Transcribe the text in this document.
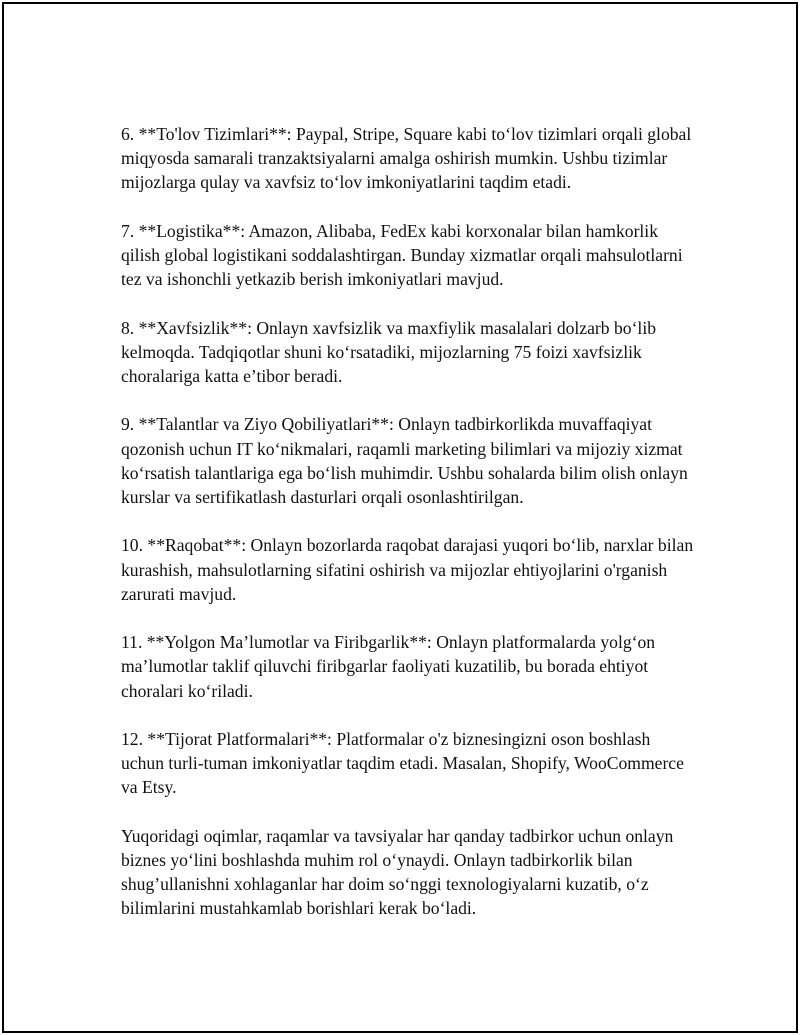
6. **To'lov Tizimlari**: Paypal, Stripe, Square kabi to‘lov tizimlari orqali global miqyosda samarali tranzaktsiyalarni amalga oshirish mumkin. Ushbu tizimlar mijozlarga qulay va xavfsiz to‘lov imkoniyatlarini taqdim etadi.

7. **Logistika**: Amazon, Alibaba, FedEx kabi korxonalar bilan hamkorlik qilish global logistikani soddalashtirgan. Bunday xizmatlar orqali mahsulotlarni tez va ishonchli yetkazib berish imkoniyatlari mavjud.

8. **Xavfsizlik**: Onlayn xavfsizlik va maxfiylik masalalari dolzarb bo‘lib kelmoqda. Tadqiqotlar shuni ko‘rsatadiki, mijozlarning 75 foizi xavfsizlik choralariga katta e’tibor beradi.

9. **Talantlar va Ziyo Qobiliyatlari**: Onlayn tadbirkorlikda muvaffaqiyat qozonish uchun IT ko‘nikmalari, raqamli marketing bilimlari va mijoziy xizmat ko‘rsatish talantlariga ega bo‘lish muhimdir. Ushbu sohalarda bilim olish onlayn kurslar va sertifikatlash dasturlari orqali osonlashtirilgan.

10. **Raqobat**: Onlayn bozorlarda raqobat darajasi yuqori bo‘lib, narxlar bilan kurashish, mahsulotlarning sifatini oshirish va mijozlar ehtiyojlarini o'rganish zarurati mavjud.

11. **Yolgon Ma’lumotlar va Firibgarlik**: Onlayn platformalarda yolg‘on ma’lumotlar taklif qiluvchi firibgarlar faoliyati kuzatilib, bu borada ehtiyot choralari ko‘riladi.

12. **Tijorat Platformalari**: Platformalar o'z biznesingizni oson boshlash uchun turli-tuman imkoniyatlar taqdim etadi. Masalan, Shopify, WooCommerce va Etsy.

Yuqoridagi oqimlar, raqamlar va tavsiyalar har qanday tadbirkor uchun onlayn biznes yo‘lini boshlashda muhim rol o‘ynaydi. Onlayn tadbirkorlik bilan shug’ullanishni xohlaganlar har doim so‘nggi texnologiyalarni kuzatib, o‘z bilimlarini mustahkamlab borishlari kerak bo‘ladi.
